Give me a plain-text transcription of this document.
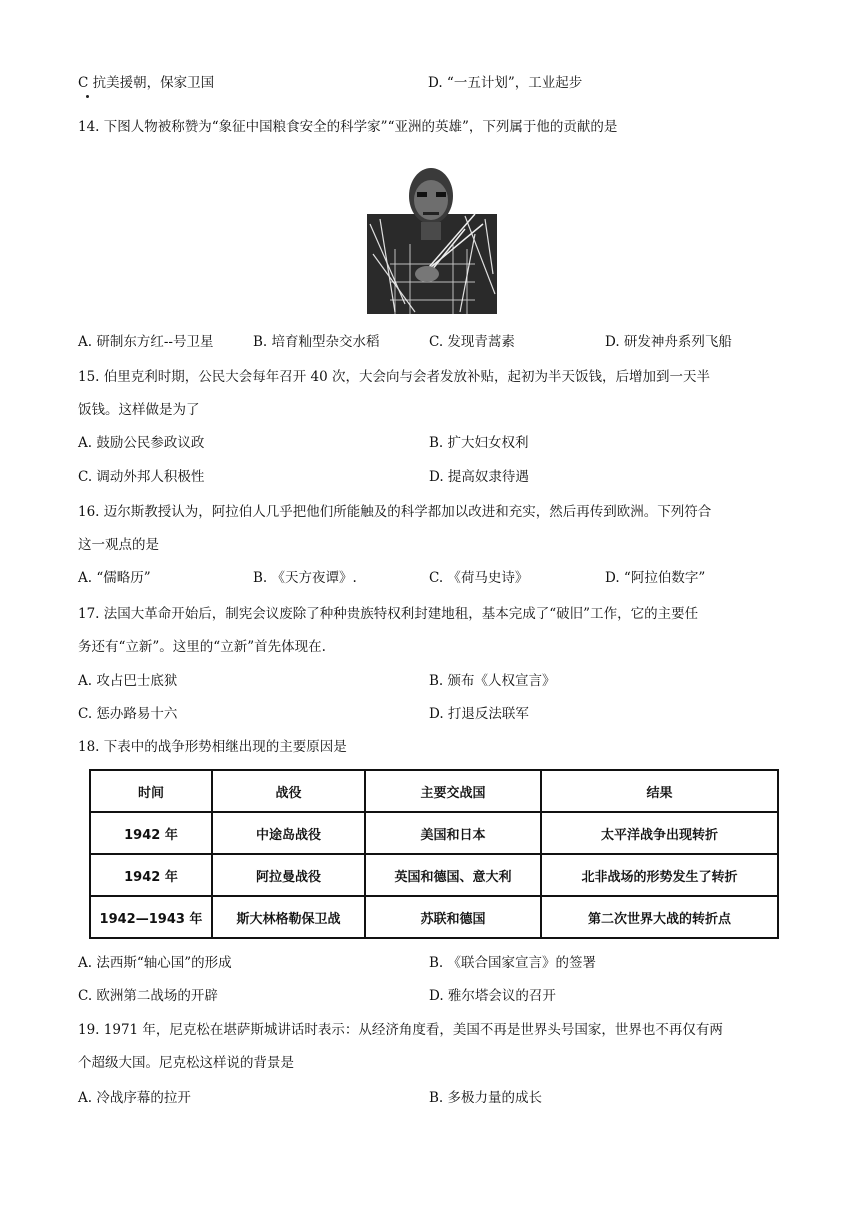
C 抗美援朝，保家卫国	D. “一五计划”，工业起步
14. 下图人物被称赞为“象征中国粮食安全的科学家”“亚洲的英雄”，下列属于他的贡献的是
A. 研制东方红--号卫星	B. 培育籼型杂交水稻	C. 发现青蒿素	D. 研发神舟系列飞船
15. 伯里克利时期，公民大会每年召开 40 次，大会向与会者发放补贴，起初为半天饭钱，后增加到一天半
饭钱。这样做是为了
A. 鼓励公民参政议政	B. 扩大妇女权利
C. 调动外邦人积极性	D. 提高奴隶待遇
16. 迈尔斯教授认为，阿拉伯人几乎把他们所能触及的科学都加以改进和充实，然后再传到欧洲。下列符合
这一观点的是
A. “儒略历”	B. 《天方夜谭》.	C. 《荷马史诗》	D. “阿拉伯数字”
17. 法国大革命开始后，制宪会议废除了种种贵族特权利封建地租，基本完成了“破旧”工作，它的主要任
务还有“立新”。这里的“立新”首先体现在.
A. 攻占巴士底狱	B. 颁布《人权宣言》
C. 惩办路易十六	D. 打退反法联军
18. 下表中的战争形势相继出现的主要原因是
时间	战役	主要交战国	结果
1942 年	中途岛战役	美国和日本	太平洋战争出现转折
1942 年	阿拉曼战役	英国和德国、意大利	北非战场的形势发生了转折
1942—1943 年	斯大林格勒保卫战	苏联和德国	第二次世界大战的转折点
A. 法西斯“轴心国”的形成	B. 《联合国家宣言》的签署
C. 欧洲第二战场的开辟	D. 雅尔塔会议的召开
19. 1971 年，尼克松在堪萨斯城讲话时表示：从经济角度看，美国不再是世界头号国家，世界也不再仅有两
个超级大国。尼克松这样说的背景是
A. 冷战序幕的拉开	B. 多极力量的成长
